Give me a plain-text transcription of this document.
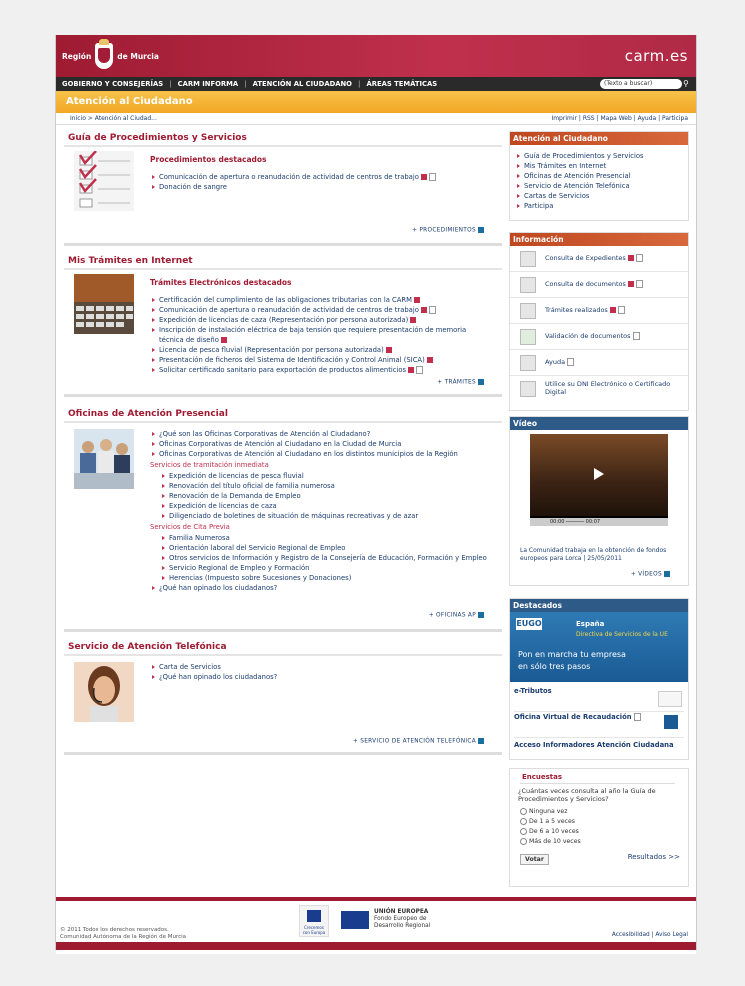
Región	de Murcia	carm.es
GOBIERNO Y CONSEJERÍAS | CARM INFORMA | ATENCIÓN AL CIUDADANO | ÁREAS TEMÁTICAS	(Texto a buscar)	⚲
Atención al Ciudadano
Inicio > Atención al Ciudad...	Imprimir | RSS | Mapa Web | Ayuda | Participa
Guía de Procedimientos y Servicios
Procedimientos destacados
Comunicación de apertura o reanudación de actividad de centros de trabajo
Donación de sangre
+ PROCEDIMIENTOS
Mis Trámites en Internet
Trámites Electrónicos destacados
Certificación del cumplimiento de las obligaciones tributarias con la CARM
Comunicación de apertura o reanudación de actividad de centros de trabajo
Expedición de licencias de caza (Representación por persona autorizada)
Inscripción de instalación eléctrica de baja tensión que requiere presentación de memoria técnica de diseño
Licencia de pesca fluvial (Representación por persona autorizada)
Presentación de ficheros del Sistema de Identificación y Control Animal (SICA)
Solicitar certificado sanitario para exportación de productos alimenticios
+ TRÁMITES
Oficinas de Atención Presencial
¿Qué son las Oficinas Corporativas de Atención al Ciudadano?
Oficinas Corporativas de Atención al Ciudadano en la Ciudad de Murcia
Oficinas Corporativas de Atención al Ciudadano en los distintos municipios de la Región
Servicios de tramitación inmediata
Expedición de licencias de pesca fluvial
Renovación del título oficial de familia numerosa
Renovación de la Demanda de Empleo
Expedición de licencias de caza
Diligenciado de boletines de situación de máquinas recreativas y de azar
Servicios de Cita Previa
Familia Numerosa
Orientación laboral del Servicio Regional de Empleo
Otros servicios de Información y Registro de la Consejería de Educación, Formación y Empleo
Servicio Regional de Empleo y Formación
Herencias (Impuesto sobre Sucesiones y Donaciones)
¿Qué han opinado los ciudadanos?
+ OFICINAS AP
Servicio de Atención Telefónica
Carta de Servicios
¿Qué han opinado los ciudadanos?
+ SERVICIO DE ATENCIÓN TELEFÓNICA
Atención al Ciudadano
Guía de Procedimientos y Servicios
Mis Trámites en Internet
Oficinas de Atención Presencial
Servicio de Atención Telefónica
Cartas de Servicios
Participa
Información
Consulta de Expedientes
Consulta de documentos
Trámites realizados
Validación de documentos
Ayuda
Utilice su DNI Electrónico o Certificado Digital
Vídeo
00:00 ────── 00:07
La Comunidad trabaja en la obtención de fondos europeos para Lorca | 25/05/2011
+ VÍDEOS
Destacados
EUGO	España
Directiva de Servicios de la UE
Pon en marcha tu empresa
en sólo tres pasos
e-Tributos
Oficina Virtual de Recaudación
Acceso Informadores Atención Ciudadana
Encuestas
¿Cuántas veces consulta al año la Guía de Procedimientos y Servicios?
Ninguna vez
De 1 a 5 veces
De 6 a 10 veces
Más de 10 veces
Votar	Resultados >>
© 2011 Todos los derechos reservados.
Comunidad Autónoma de la Región de Murcia
Crecemos con Europa
UNIÓN EUROPEA
Fondo Europeo de
Desarrollo Regional
Accesibilidad | Aviso Legal
